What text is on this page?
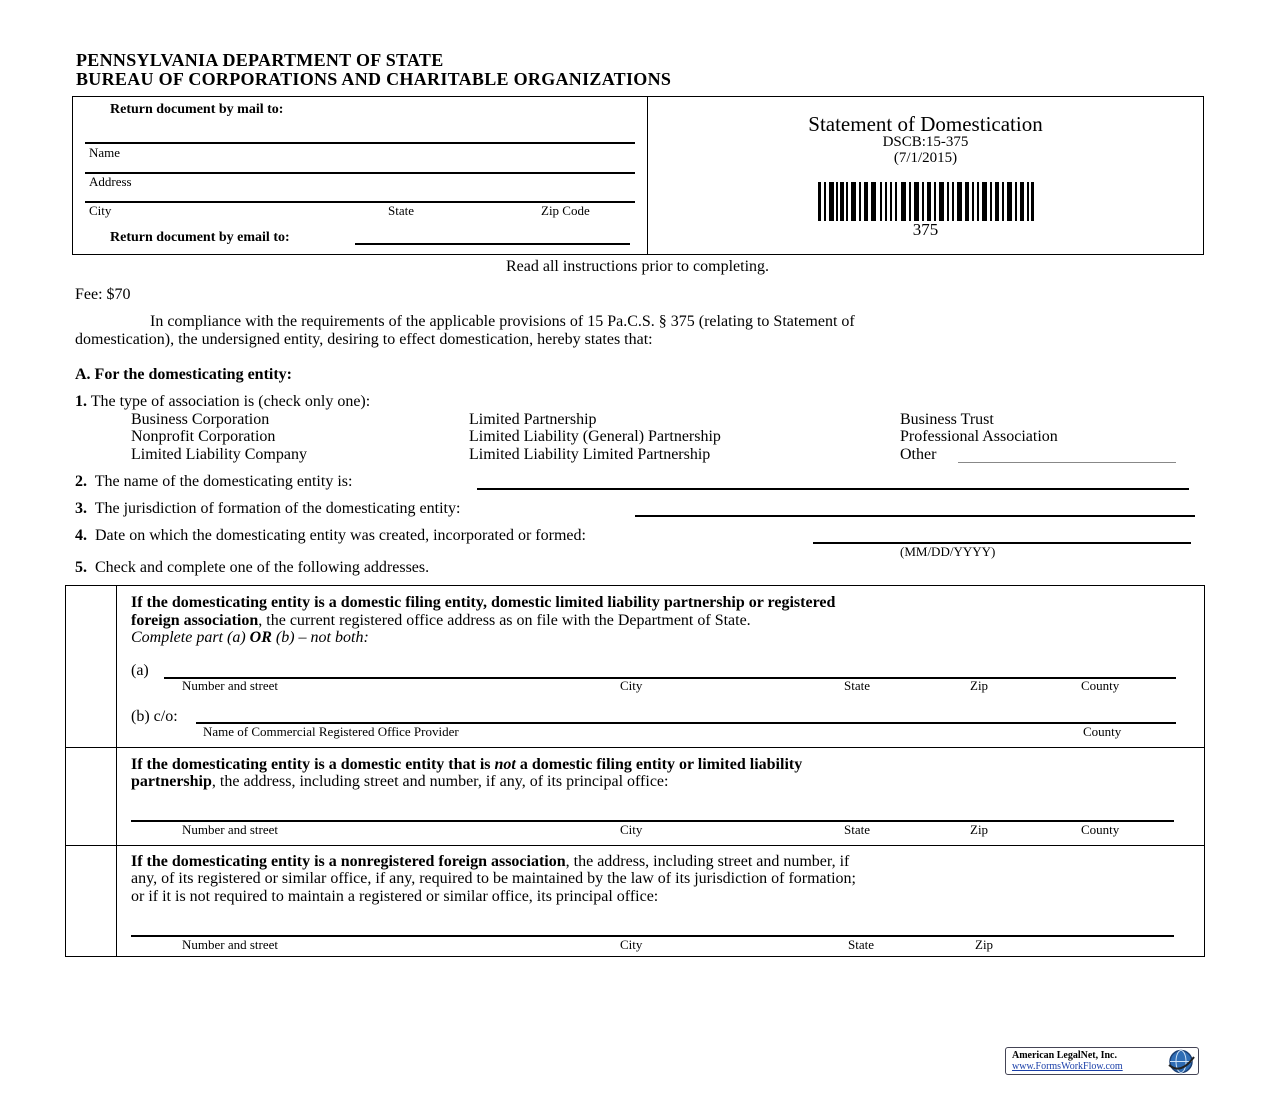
PENNSYLVANIA DEPARTMENT OF STATE
BUREAU OF CORPORATIONS AND CHARITABLE ORGANIZATIONS
Return document by mail to:
Name
Address
City	State	Zip Code
Return document by email to:
Statement of Domestication
DSCB:15-375
(7/1/2015)
375
Read all instructions prior to completing.
Fee: $70
In compliance with the requirements of the applicable provisions of 15 Pa.C.S. § 375 (relating to Statement of
domestication), the undersigned entity, desiring to effect domestication, hereby states that:
A. For the domesticating entity:
1. The type of association is (check only one):
Business Corporation	Limited Partnership	Business Trust
Nonprofit Corporation	Limited Liability (General) Partnership	Professional Association
Limited Liability Company	Limited Liability Limited Partnership	Other
2. The name of the domesticating entity is:
3. The jurisdiction of formation of the domesticating entity:
4. Date on which the domesticating entity was created, incorporated or formed:
(MM/DD/YYYY)
5. Check and complete one of the following addresses.
If the domesticating entity is a domestic filing entity, domestic limited liability partnership or registered
foreign association, the current registered office address as on file with the Department of State.
Complete part (a) OR (b) – not both:
(a)
Number and street	City	State	Zip	County
(b) c/o:
Name of Commercial Registered Office Provider	County
If the domesticating entity is a domestic entity that is not a domestic filing entity or limited liability
partnership, the address, including street and number, if any, of its principal office:
Number and street	City	State	Zip	County
If the domesticating entity is a nonregistered foreign association, the address, including street and number, if
any, of its registered or similar office, if any, required to be maintained by the law of its jurisdiction of formation;
or if it is not required to maintain a registered or similar office, its principal office:
Number and street	City	State	Zip
American LegalNet, Inc.
www.FormsWorkFlow.com
